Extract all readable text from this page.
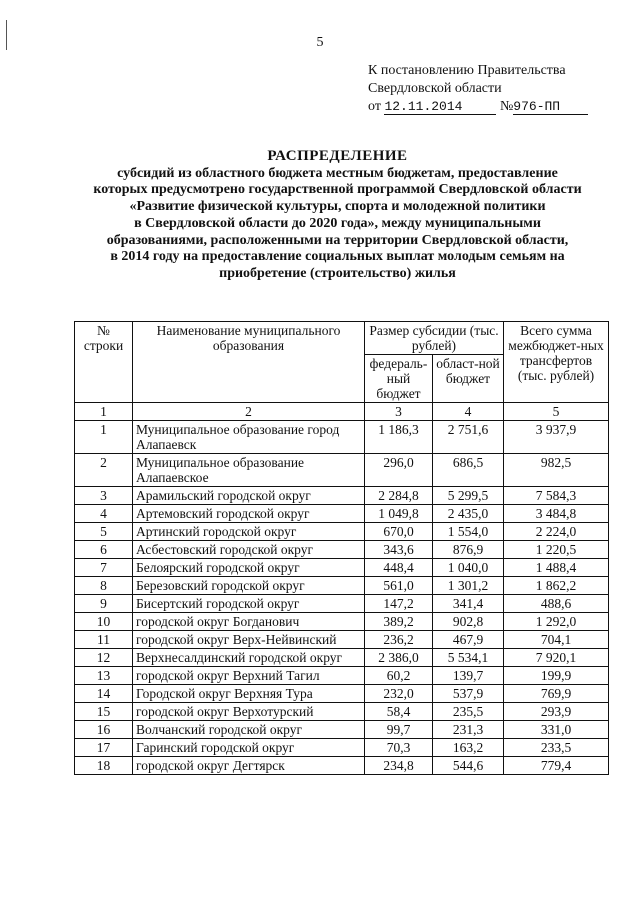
5
К постановлению Правительства
Свердловской области
от 12.11.2014	№976-ПП
РАСПРЕДЕЛЕНИЕ
субсидий из областного бюджета местным бюджетам, предоставление
которых предусмотрено государственной программой Свердловской области
«Развитие физической культуры, спорта и молодежной политики
в Свердловской области до 2020 года», между муниципальными
образованиями, расположенными на территории Свердловской области,
в 2014 году на предоставление социальных выплат молодым семьям на
приобретение (строительство) жилья
№ строки	Наименование муниципального образования	Размер субсидии (тыс. рублей)		Всего сумма межбюджет-ных трансфертов (тыс. рублей)
		федераль-ный бюджет	област-ной бюджет	
1	2	3	4	5
1	Муниципальное образование город Алапаевск	1 186,3	2 751,6	3 937,9
2	Муниципальное образование Алапаевское	296,0	686,5	982,5
3	Арамильский городской округ	2 284,8	5 299,5	7 584,3
4	Артемовский городской округ	1 049,8	2 435,0	3 484,8
5	Артинский городской округ	670,0	1 554,0	2 224,0
6	Асбестовский городской округ	343,6	876,9	1 220,5
7	Белоярский городской округ	448,4	1 040,0	1 488,4
8	Березовский городской округ	561,0	1 301,2	1 862,2
9	Бисертский городской округ	147,2	341,4	488,6
10	городской округ Богданович	389,2	902,8	1 292,0
11	городской округ Верх-Нейвинский	236,2	467,9	704,1
12	Верхнесалдинский городской округ	2 386,0	5 534,1	7 920,1
13	городской округ Верхний Тагил	60,2	139,7	199,9
14	Городской округ Верхняя Тура	232,0	537,9	769,9
15	городской округ Верхотурский	58,4	235,5	293,9
16	Волчанский городской округ	99,7	231,3	331,0
17	Гаринский городской округ	70,3	163,2	233,5
18	городской округ Дегтярск	234,8	544,6	779,4
